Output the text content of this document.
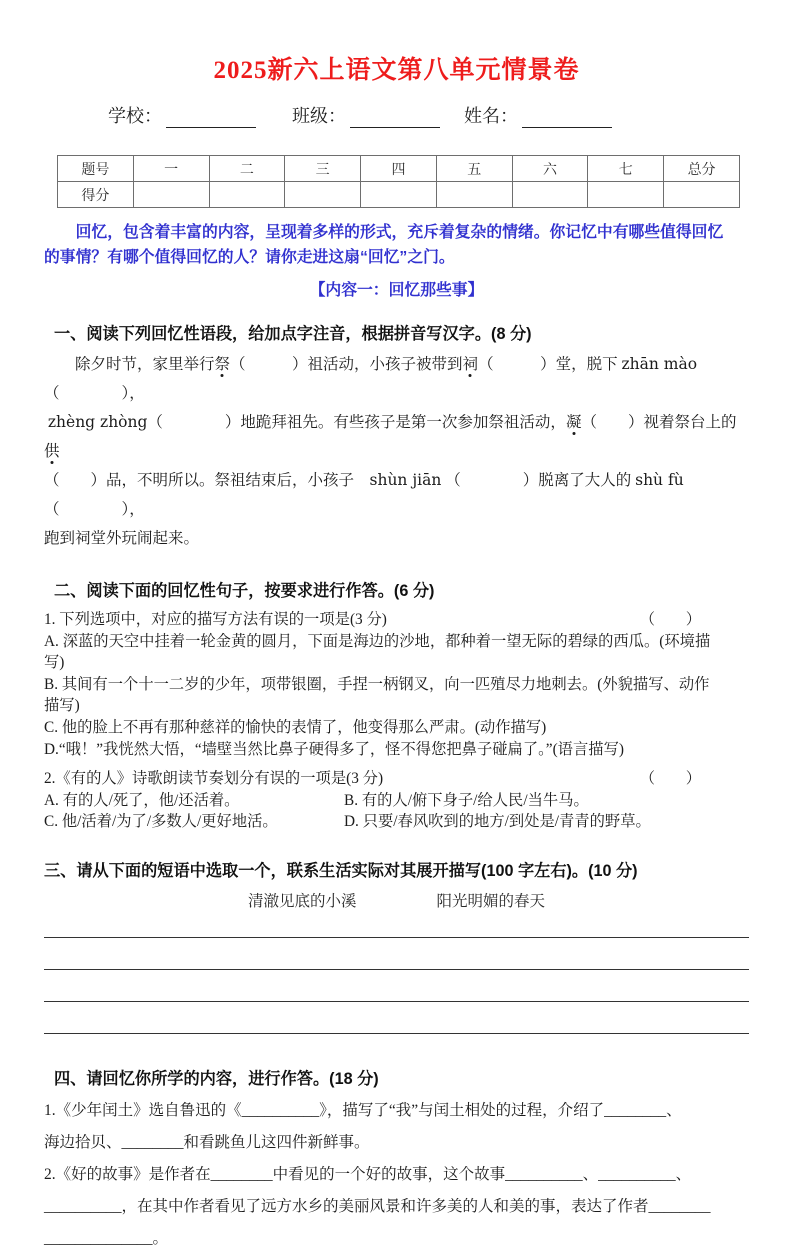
2025新六上语文第八单元情景卷
学校：	班级：	姓名：
题号	一	二	三	四	五	六	七	总分
得分								
　　回忆，包含着丰富的内容，呈现着多样的形式，充斥着复杂的情绪。你记忆中有哪些值得回忆
的事情？有哪个值得回忆的人？请你走进这扇“回忆”之门。
【内容一：回忆那些事】
一、阅读下列回忆性语段，给加点字注音，根据拼音写汉字。(8 分)
　　除夕时节，家里举行祭（　　　）祖活动，小孩子被带到祠（　　　）堂，脱下 zhān mào（　　　　），
zhèng zhòng（　　　　）地跪拜祖先。有些孩子是第一次参加祭祖活动，凝（　　）视着祭台上的供
（　　）品，不明所以。祭祖结束后，小孩子　shùn jiān （　　　　）脱离了大人的 shù fù（　　　　），
跑到祠堂外玩闹起来。
二、阅读下面的回忆性句子，按要求进行作答。(6 分)
1. 下列选项中，对应的描写方法有误的一项是(3 分)	（　　）
A. 深蓝的天空中挂着一轮金黄的圆月，下面是海边的沙地，都种着一望无际的碧绿的西瓜。(环境描
写)
B. 其间有一个十一二岁的少年，项带银圈，手捏一柄钢叉，向一匹殖尽力地刺去。(外貌描写、动作
描写)
C. 他的脸上不再有那种慈祥的愉快的表情了，他变得那么严肃。(动作描写)
D.“哦！”我恍然大悟，“墙壁当然比鼻子硬得多了，怪不得您把鼻子碰扁了。”(语言描写)
2.《有的人》诗歌朗读节奏划分有误的一项是(3 分)	（　　）
A. 有的人/死了，他/还活着。	B. 有的人/俯下身子/给人民/当牛马。
C. 他/活着/为了/多数人/更好地活。	D. 只要/春风吹到的地方/到处是/青青的野草。
三、请从下面的短语中选取一个，联系生活实际对其展开描写(100 字左右)。(10 分)
清澈见底的小溪	阳光明媚的春天
四、请回忆你所学的内容，进行作答。(18 分)
1.《少年闰土》选自鲁迅的《__________》，描写了“我”与闰土相处的过程，介绍了________、
海边拾贝、________和看跳鱼儿这四件新鲜事。
2.《好的故事》是作者在________中看见的一个好的故事，这个故事__________、__________、
__________，在其中作者看见了远方水乡的美丽风景和许多美的人和美的事，表达了作者________
______________。
